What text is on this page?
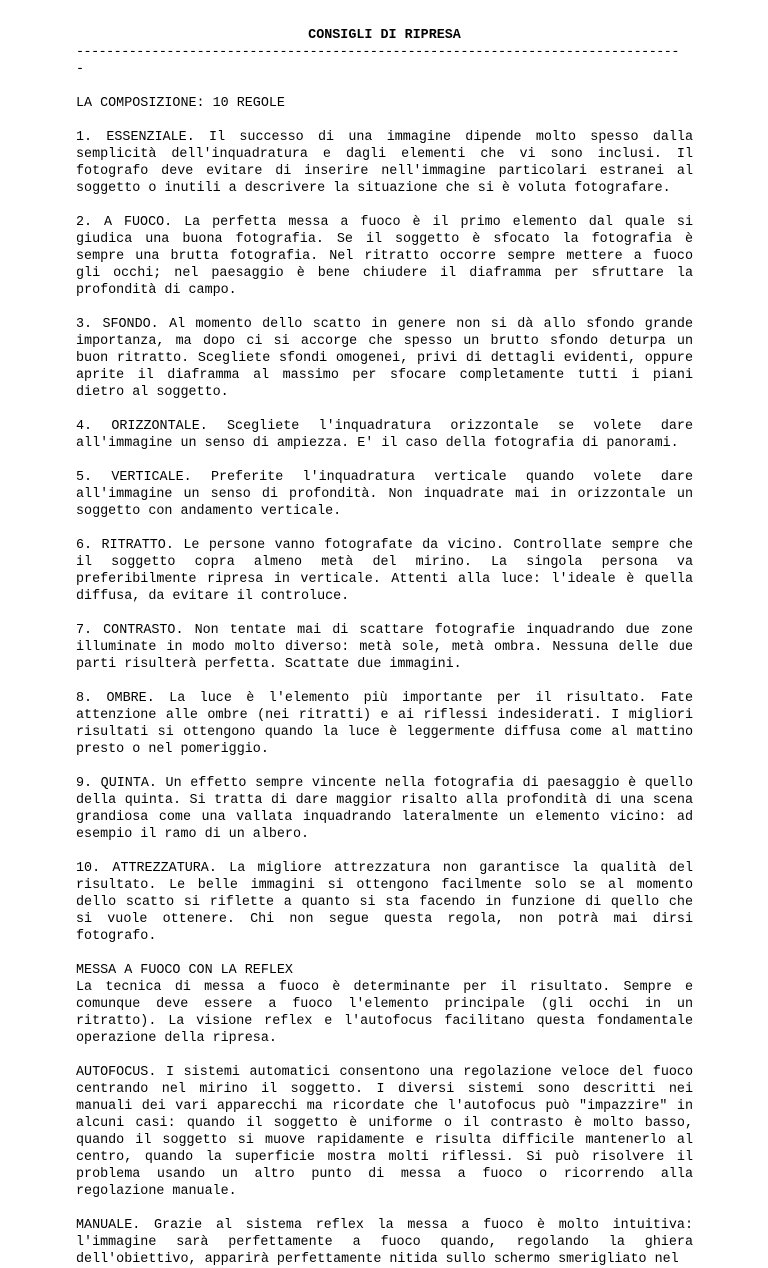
CONSIGLI DI RIPRESA
--------------------------------------------------------------------------------
-
LA COMPOSIZIONE: 10 REGOLE

1. ESSENZIALE. Il successo di una immagine dipende molto spesso dalla semplicità dell'inquadratura e dagli elementi che vi sono inclusi. Il fotografo deve evitare di inserire nell'immagine particolari estranei al soggetto o inutili a descrivere la situazione che si è voluta fotografare.

2. A FUOCO. La perfetta messa a fuoco è il primo elemento dal quale si giudica una buona fotografia. Se il soggetto è sfocato la fotografia è sempre una brutta fotografia. Nel ritratto occorre sempre mettere a fuoco gli occhi; nel paesaggio è bene chiudere il diaframma per sfruttare la profondità di campo.

3. SFONDO. Al momento dello scatto in genere non si dà allo sfondo grande importanza, ma dopo ci si accorge che spesso un brutto sfondo deturpa un buon ritratto. Scegliete sfondi omogenei, privi di dettagli evidenti, oppure aprite il diaframma al massimo per sfocare completamente tutti i piani dietro al soggetto.

4. ORIZZONTALE. Scegliete l'inquadratura orizzontale se volete dare all'immagine un senso di ampiezza. E' il caso della fotografia di panorami.

5. VERTICALE. Preferite l'inquadratura verticale quando volete dare all'immagine un senso di profondità. Non inquadrate mai in orizzontale un soggetto con andamento verticale.

6. RITRATTO. Le persone vanno fotografate da vicino. Controllate sempre che il soggetto copra almeno metà del mirino. La singola persona va preferibilmente ripresa in verticale. Attenti alla luce: l'ideale è quella diffusa, da evitare il controluce.

7. CONTRASTO. Non tentate mai di scattare fotografie inquadrando due zone illuminate in modo molto diverso: metà sole, metà ombra. Nessuna delle due parti risulterà perfetta. Scattate due immagini.

8. OMBRE. La luce è l'elemento più importante per il risultato. Fate attenzione alle ombre (nei ritratti) e ai riflessi indesiderati. I migliori risultati si ottengono quando la luce è leggermente diffusa come al mattino presto o nel pomeriggio.

9. QUINTA. Un effetto sempre vincente nella fotografia di paesaggio è quello della quinta. Si tratta di dare maggior risalto alla profondità di una scena grandiosa come una vallata inquadrando lateralmente un elemento vicino: ad esempio il ramo di un albero.

10. ATTREZZATURA. La migliore attrezzatura non garantisce la qualità del risultato. Le belle immagini si ottengono facilmente solo se al momento dello scatto si riflette a quanto si sta facendo in funzione di quello che si vuole ottenere. Chi non segue questa regola, non potrà mai dirsi fotografo.

MESSA A FUOCO CON LA REFLEX

La tecnica di messa a fuoco è determinante per il risultato. Sempre e comunque deve essere a fuoco l'elemento principale (gli occhi in un ritratto). La visione reflex e l'autofocus facilitano questa fondamentale operazione della ripresa.

AUTOFOCUS. I sistemi automatici consentono una regolazione veloce del fuoco centrando nel mirino il soggetto. I diversi sistemi sono descritti nei manuali dei vari apparecchi ma ricordate che l'autofocus può "impazzire" in alcuni casi: quando il soggetto è uniforme o il contrasto è molto basso, quando il soggetto si muove rapidamente e risulta difficile mantenerlo al centro, quando la superficie mostra molti riflessi. Si può risolvere il problema usando un altro punto di messa a fuoco o ricorrendo alla regolazione manuale.

MANUALE. Grazie al sistema reflex la messa a fuoco è molto intuitiva: l'immagine sarà perfettamente a fuoco quando, regolando la ghiera dell'obiettivo, apparirà perfettamente nitida sullo schermo smerigliato nel
